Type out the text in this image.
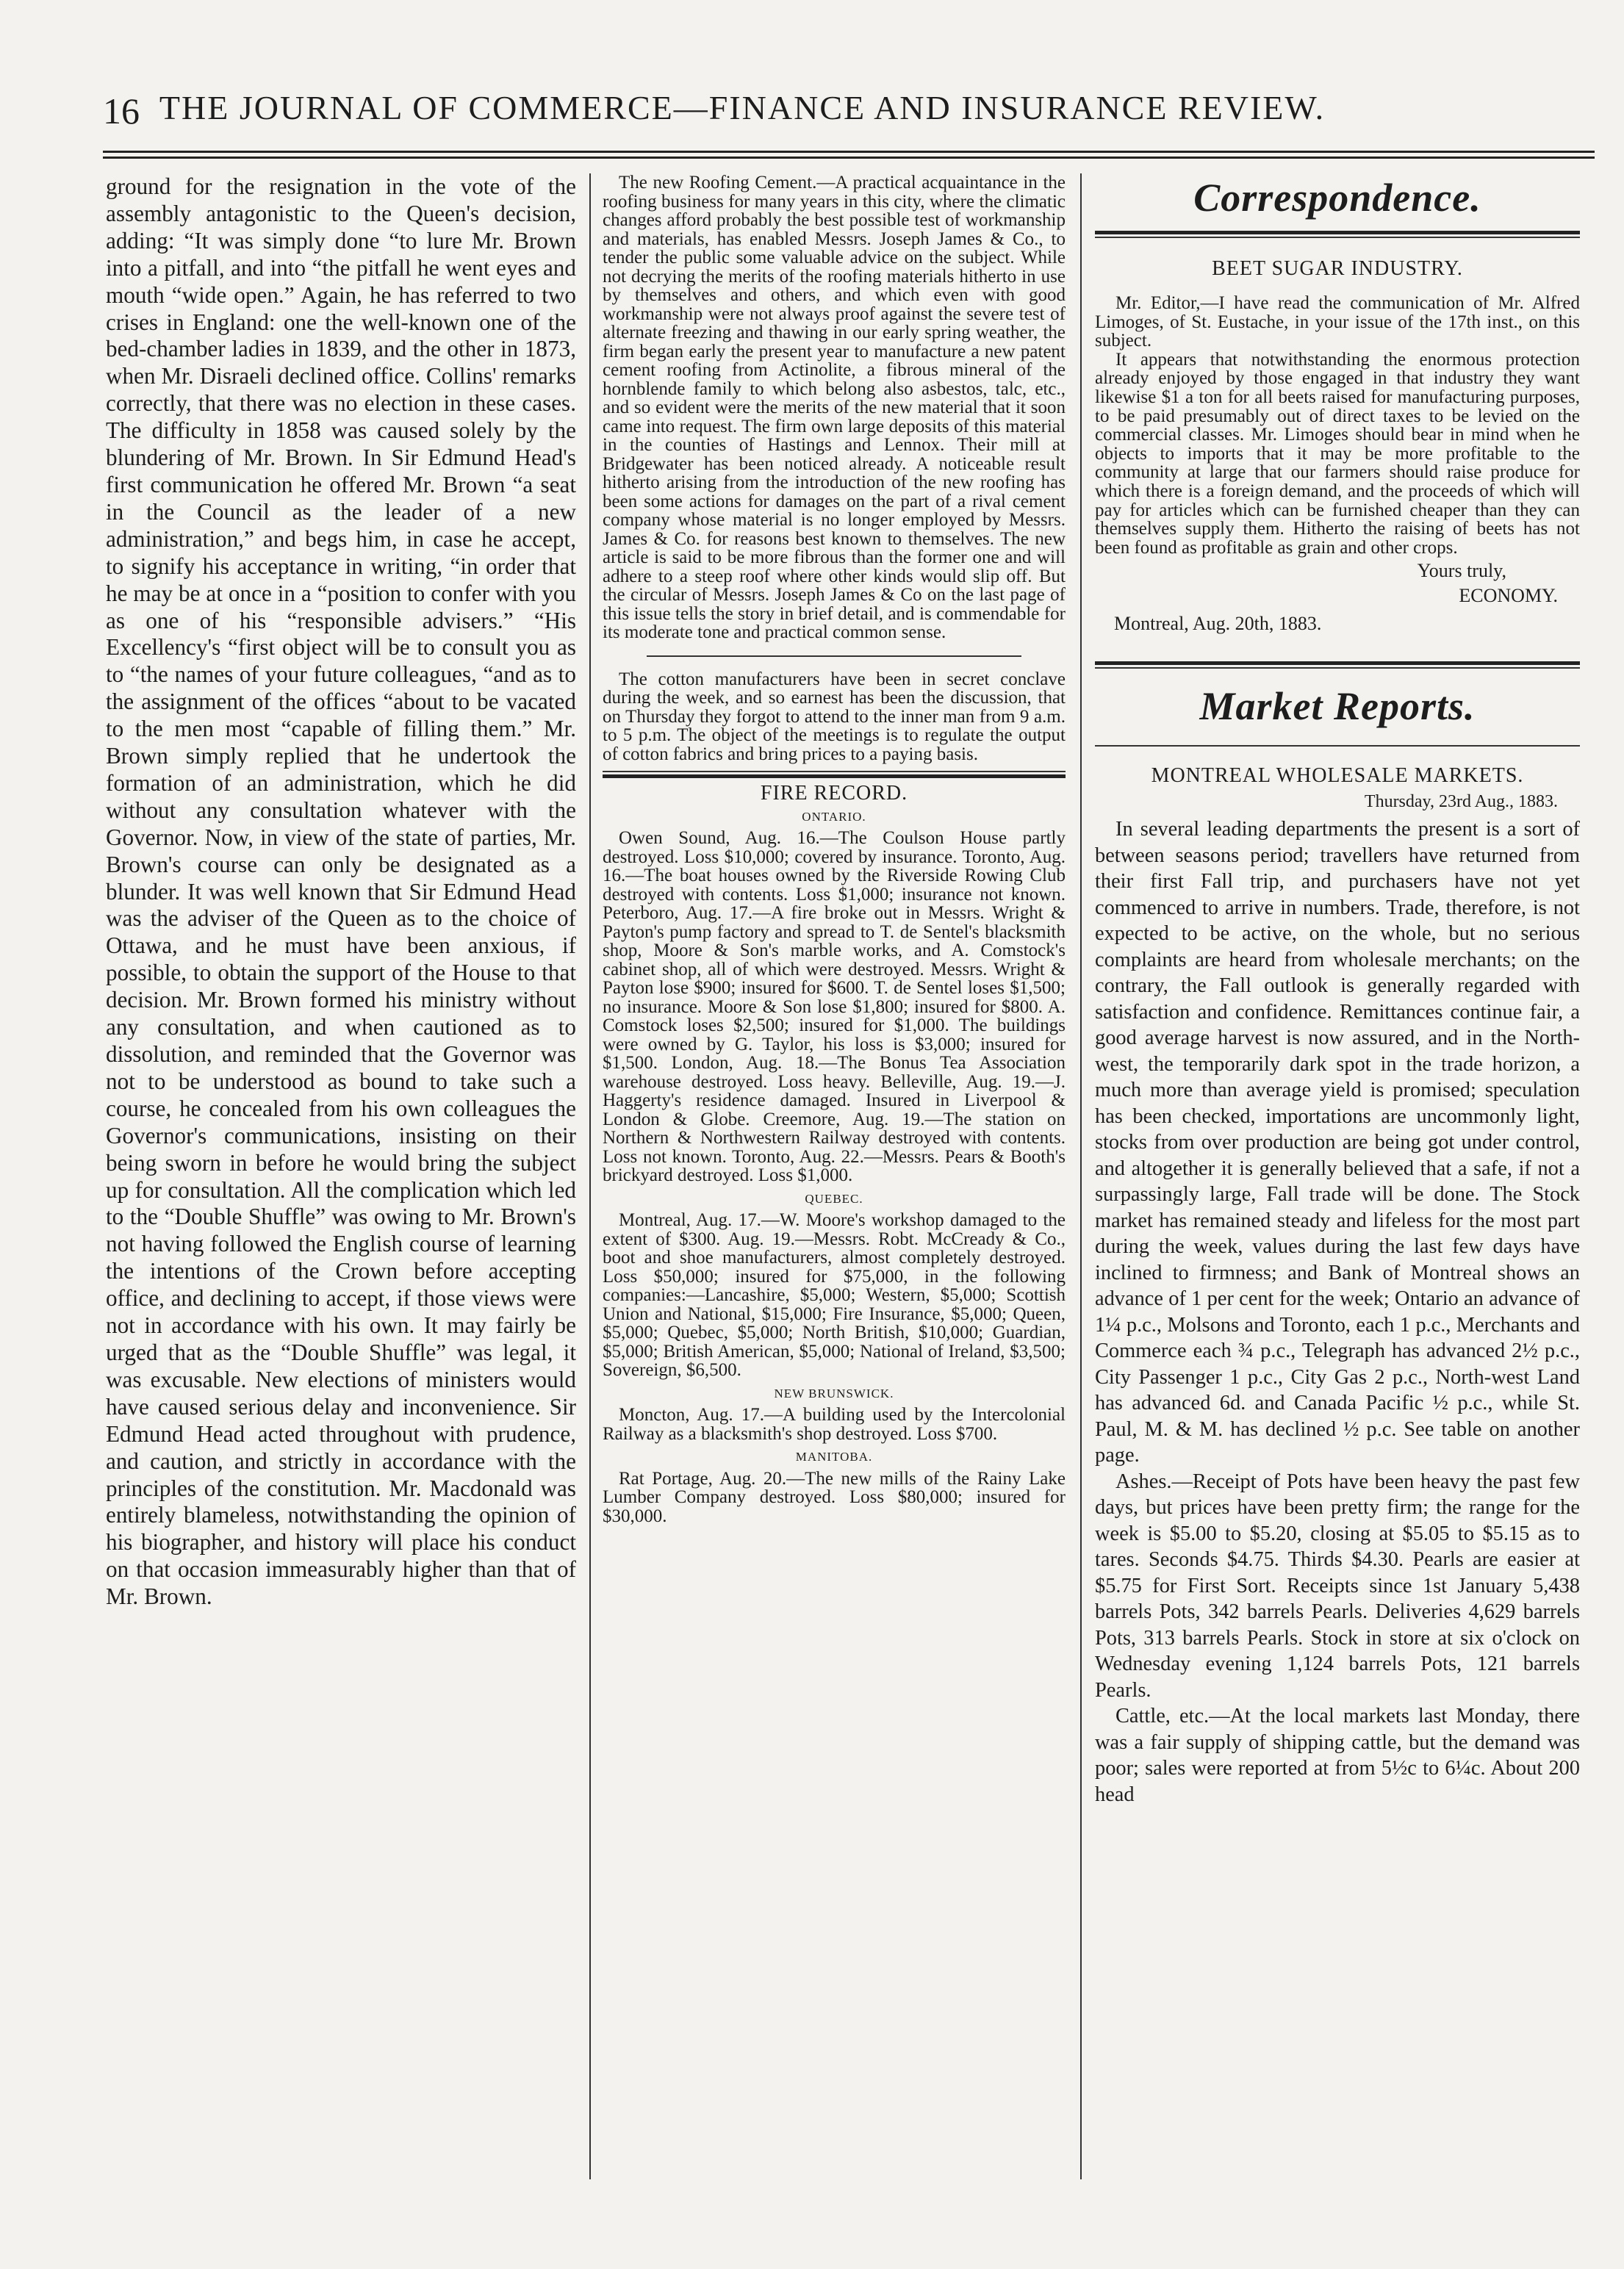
16 THE JOURNAL OF COMMERCE—FINANCE AND INSURANCE REVIEW.

ground for the resignation in the vote of the assembly antagonistic to the Queen's decision, adding: “It was simply done “to lure Mr. Brown into a pitfall, and into “the pitfall he went eyes and mouth “wide open.” Again, he has referred to two crises in England: one the well-known one of the bed-chamber ladies in 1839, and the other in 1873, when Mr. Disraeli declined office. Collins' remarks correctly, that there was no election in these cases. The difficulty in 1858 was caused solely by the blundering of Mr. Brown. In Sir Edmund Head's first communication he offered Mr. Brown “a seat in the Council as the leader of a new administration,” and begs him, in case he accept, to signify his acceptance in writing, “in order that he may be at once in a “position to confer with you as one of his “responsible advisers.” “His Excellency's “first object will be to consult you as to “the names of your future colleagues, “and as to the assignment of the offices “about to be vacated to the men most “capable of filling them.” Mr. Brown simply replied that he undertook the formation of an administration, which he did without any consultation whatever with the Governor. Now, in view of the state of parties, Mr. Brown's course can only be designated as a blunder. It was well known that Sir Edmund Head was the adviser of the Queen as to the choice of Ottawa, and he must have been anxious, if possible, to obtain the support of the House to that decision. Mr. Brown formed his ministry without any consultation, and when cautioned as to dissolution, and reminded that the Governor was not to be understood as bound to take such a course, he concealed from his own colleagues the Governor's communications, insisting on their being sworn in before he would bring the subject up for consultation. All the complication which led to the “Double Shuffle” was owing to Mr. Brown's not having followed the English course of learning the intentions of the Crown before accepting office, and declining to accept, if those views were not in accordance with his own. It may fairly be urged that as the “Double Shuffle” was legal, it was excusable. New elections of ministers would have caused serious delay and inconvenience. Sir Edmund Head acted throughout with prudence, and caution, and strictly in accordance with the principles of the constitution. Mr. Macdonald was entirely blameless, notwithstanding the opinion of his biographer, and history will place his conduct on that occasion immeasurably higher than that of Mr. Brown.

The new Roofing Cement.—A practical acquaintance in the roofing business for many years in this city, where the climatic changes afford probably the best possible test of workmanship and materials, has enabled Messrs. Joseph James & Co., to tender the public some valuable advice on the subject. While not decrying the merits of the roofing materials hitherto in use by themselves and others, and which even with good workmanship were not always proof against the severe test of alternate freezing and thawing in our early spring weather, the firm began early the present year to manufacture a new patent cement roofing from Actinolite, a fibrous mineral of the hornblende family to which belong also asbestos, talc, etc., and so evident were the merits of the new material that it soon came into request. The firm own large deposits of this material in the counties of Hastings and Lennox. Their mill at Bridgewater has been noticed already. A noticeable result hitherto arising from the introduction of the new roofing has been some actions for damages on the part of a rival cement company whose material is no longer employed by Messrs. James & Co. for reasons best known to themselves. The new article is said to be more fibrous than the former one and will adhere to a steep roof where other kinds would slip off. But the circular of Messrs. Joseph James & Co on the last page of this issue tells the story in brief detail, and is commendable for its moderate tone and practical common sense.

The cotton manufacturers have been in secret conclave during the week, and so earnest has been the discussion, that on Thursday they forgot to attend to the inner man from 9 a.m. to 5 p.m. The object of the meetings is to regulate the output of cotton fabrics and bring prices to a paying basis.

FIRE RECORD.
ONTARIO.

Owen Sound, Aug. 16.—The Coulson House partly destroyed. Loss $10,000; covered by insurance. Toronto, Aug. 16.—The boat houses owned by the Riverside Rowing Club destroyed with contents. Loss $1,000; insurance not known. Peterboro, Aug. 17.—A fire broke out in Messrs. Wright & Payton's pump factory and spread to T. de Sentel's blacksmith shop, Moore & Son's marble works, and A. Comstock's cabinet shop, all of which were destroyed. Messrs. Wright & Payton lose $900; insured for $600. T. de Sentel loses $1,500; no insurance. Moore & Son lose $1,800; insured for $800. A. Comstock loses $2,500; insured for $1,000. The buildings were owned by G. Taylor, his loss is $3,000; insured for $1,500. London, Aug. 18.—The Bonus Tea Association warehouse destroyed. Loss heavy. Belleville, Aug. 19.—J. Haggerty's residence damaged. Insured in Liverpool & London & Globe. Creemore, Aug. 19.—The station on Northern & Northwestern Railway destroyed with contents. Loss not known. Toronto, Aug. 22.—Messrs. Pears & Booth's brickyard destroyed. Loss $1,000.

QUEBEC.

Montreal, Aug. 17.—W. Moore's workshop damaged to the extent of $300. Aug. 19.—Messrs. Robt. McCready & Co., boot and shoe manufacturers, almost completely destroyed. Loss $50,000; insured for $75,000, in the following companies:—Lancashire, $5,000; Western, $5,000; Scottish Union and National, $15,000; Fire Insurance, $5,000; Queen, $5,000; Quebec, $5,000; North British, $10,000; Guardian, $5,000; British American, $5,000; National of Ireland, $3,500; Sovereign, $6,500.

NEW BRUNSWICK.

Moncton, Aug. 17.—A building used by the Intercolonial Railway as a blacksmith's shop destroyed. Loss $700.

MANITOBA.

Rat Portage, Aug. 20.—The new mills of the Rainy Lake Lumber Company destroyed. Loss $80,000; insured for $30,000.

Correspondence.
BEET SUGAR INDUSTRY.

Mr. Editor,—I have read the communication of Mr. Alfred Limoges, of St. Eustache, in your issue of the 17th inst., on this subject.

It appears that notwithstanding the enormous protection already enjoyed by those engaged in that industry they want likewise $1 a ton for all beets raised for manufacturing purposes, to be paid presumably out of direct taxes to be levied on the commercial classes. Mr. Limoges should bear in mind when he objects to imports that it may be more profitable to the community at large that our farmers should raise produce for which there is a foreign demand, and the proceeds of which will pay for articles which can be furnished cheaper than they can themselves supply them. Hitherto the raising of beets has not been found as profitable as grain and other crops.

Yours truly,
ECONOMY.
Montreal, Aug. 20th, 1883.
Market Reports.
MONTREAL WHOLESALE MARKETS.
Thursday, 23rd Aug., 1883.

In several leading departments the present is a sort of between seasons period; travellers have returned from their first Fall trip, and purchasers have not yet commenced to arrive in numbers. Trade, therefore, is not expected to be active, on the whole, but no serious complaints are heard from wholesale merchants; on the contrary, the Fall outlook is generally regarded with satisfaction and confidence. Remittances continue fair, a good average harvest is now assured, and in the North-west, the temporarily dark spot in the trade horizon, a much more than average yield is promised; speculation has been checked, importations are uncommonly light, stocks from over production are being got under control, and altogether it is generally believed that a safe, if not a surpassingly large, Fall trade will be done. The Stock market has remained steady and lifeless for the most part during the week, values during the last few days have inclined to firmness; and Bank of Montreal shows an advance of 1 per cent for the week; Ontario an advance of 1¼ p.c., Molsons and Toronto, each 1 p.c., Merchants and Commerce each ¾ p.c., Telegraph has advanced 2½ p.c., City Passenger 1 p.c., City Gas 2 p.c., North-west Land has advanced 6d. and Canada Pacific ½ p.c., while St. Paul, M. & M. has declined ½ p.c. See table on another page.

Ashes.—Receipt of Pots have been heavy the past few days, but prices have been pretty firm; the range for the week is $5.00 to $5.20, closing at $5.05 to $5.15 as to tares. Seconds $4.75. Thirds $4.30. Pearls are easier at $5.75 for First Sort. Receipts since 1st January 5,438 barrels Pots, 342 barrels Pearls. Deliveries 4,629 barrels Pots, 313 barrels Pearls. Stock in store at six o'clock on Wednesday evening 1,124 barrels Pots, 121 barrels Pearls.

Cattle, etc.—At the local markets last Monday, there was a fair supply of shipping cattle, but the demand was poor; sales were reported at from 5½c to 6¼c. About 200 head
